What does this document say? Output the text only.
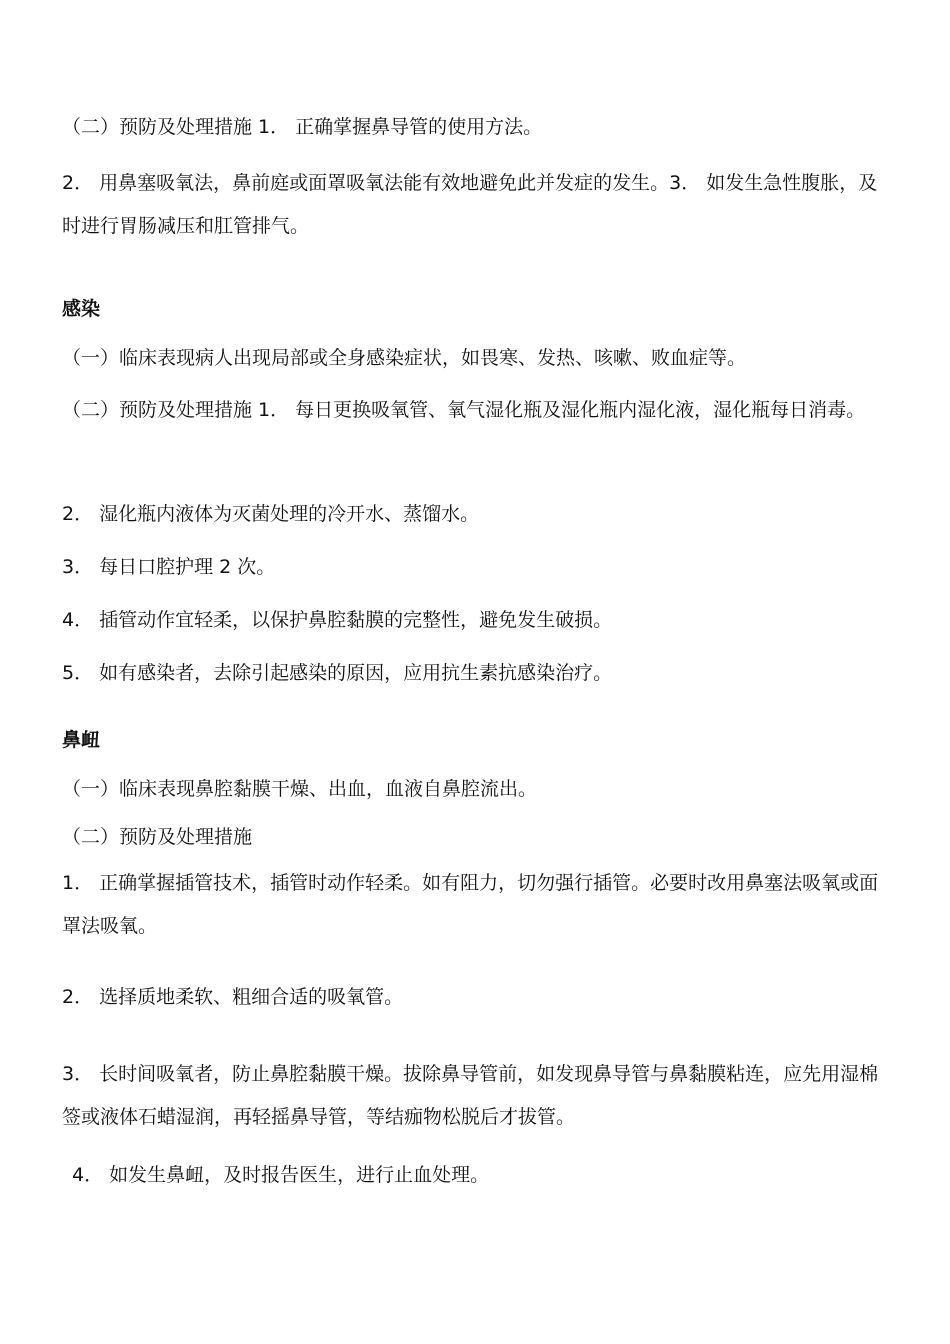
（二）预防及处理措施 1． 正确掌握鼻导管的使用方法。

2． 用鼻塞吸氧法，鼻前庭或面罩吸氧法能有效地避免此并发症的发生。3． 如发生急性腹胀，及时进行胃肠减压和肛管排气。

感染

（一）临床表现病人出现局部或全身感染症状，如畏寒、发热、咳嗽、败血症等。

（二）预防及处理措施 1． 每日更换吸氧管、氧气湿化瓶及湿化瓶内湿化液，湿化瓶每日消毒。

2． 湿化瓶内液体为灭菌处理的冷开水、蒸馏水。

3． 每日口腔护理 2 次。

4． 插管动作宜轻柔，以保护鼻腔黏膜的完整性，避免发生破损。

5． 如有感染者，去除引起感染的原因，应用抗生素抗感染治疗。

鼻衄

（一）临床表现鼻腔黏膜干燥、出血，血液自鼻腔流出。

（二）预防及处理措施

1． 正确掌握插管技术，插管时动作轻柔。如有阻力，切勿强行插管。必要时改用鼻塞法吸氧或面罩法吸氧。

2． 选择质地柔软、粗细合适的吸氧管。

3． 长时间吸氧者，防止鼻腔黏膜干燥。拔除鼻导管前，如发现鼻导管与鼻黏膜粘连，应先用湿棉签或液体石蜡湿润，再轻摇鼻导管，等结痂物松脱后才拔管。

4． 如发生鼻衄，及时报告医生，进行止血处理。
